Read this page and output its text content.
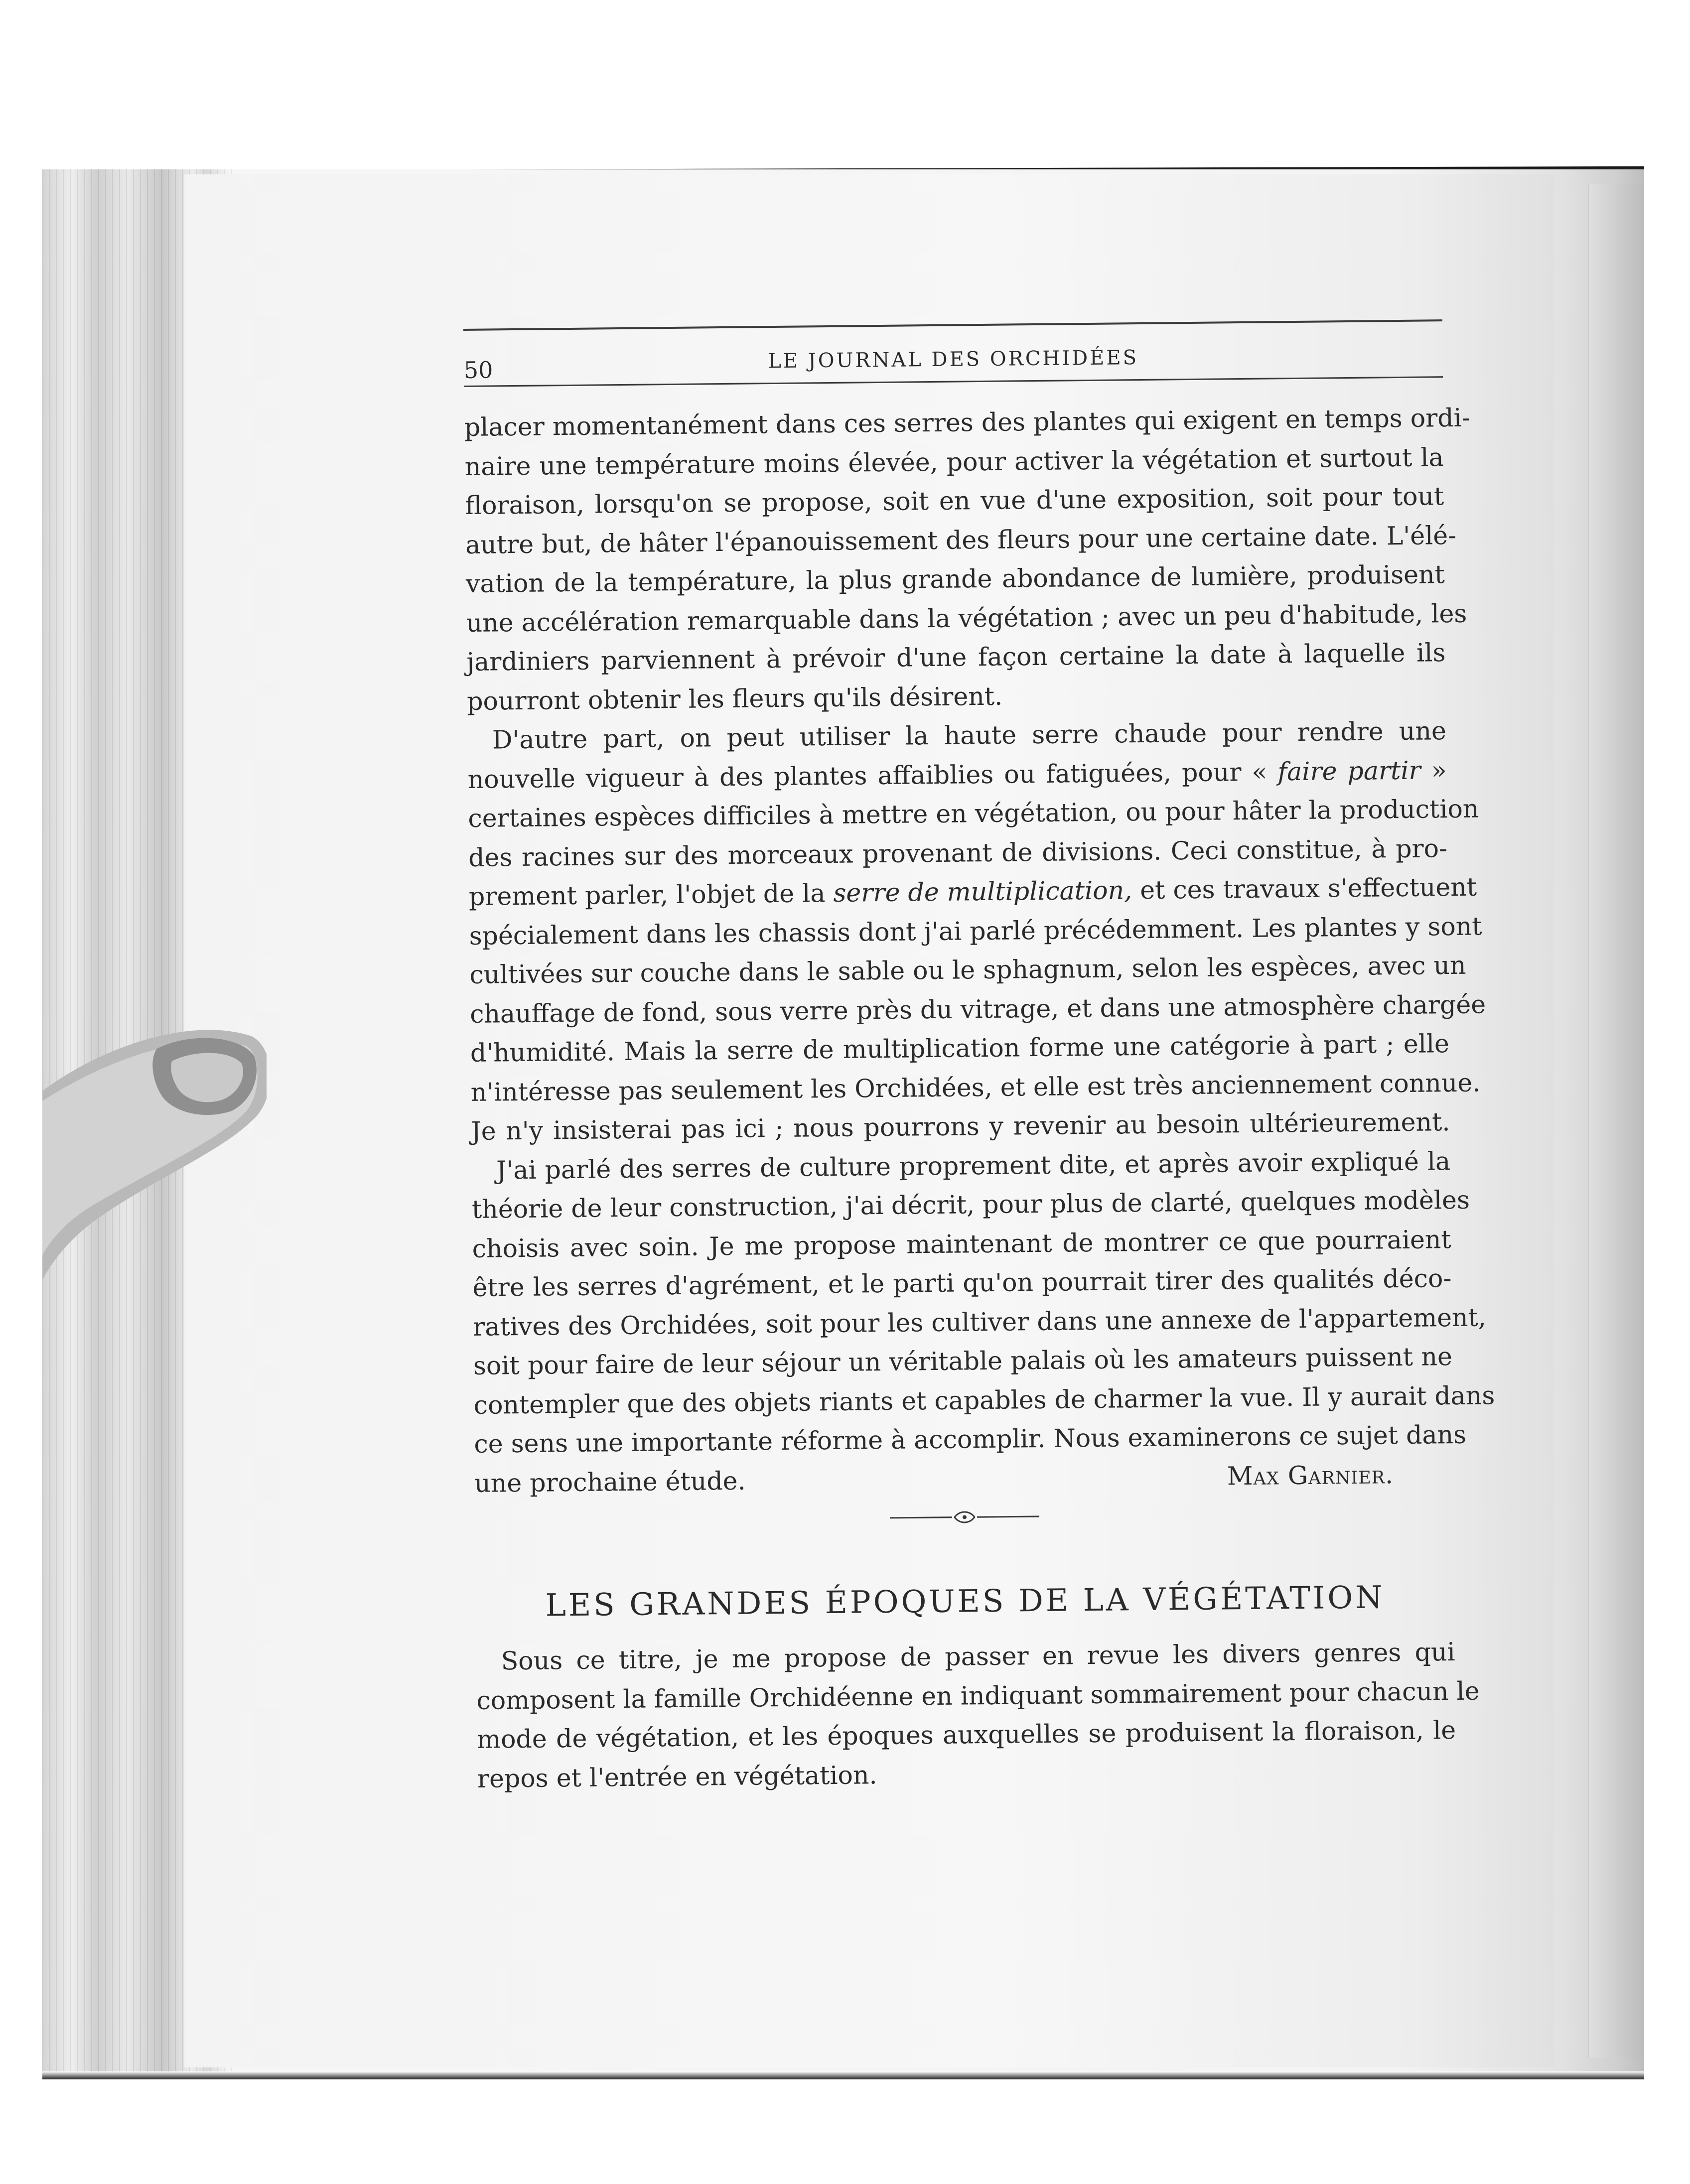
50	LE JOURNAL DES ORCHIDÉES
placer momentanément dans ces serres des plantes qui exigent en temps ordi-
naire une température moins élevée, pour activer la végétation et surtout la
floraison, lorsqu'on se propose, soit en vue d'une exposition, soit pour tout
autre but, de hâter l'épanouissement des fleurs pour une certaine date. L'élé-
vation de la température, la plus grande abondance de lumière, produisent
une accélération remarquable dans la végétation ; avec un peu d'habitude, les
jardiniers parviennent à prévoir d'une façon certaine la date à laquelle ils
pourront obtenir les fleurs qu'ils désirent.
D'autre part, on peut utiliser la haute serre chaude pour rendre une
nouvelle vigueur à des plantes affaiblies ou fatiguées, pour « faire partir »
certaines espèces difficiles à mettre en végétation, ou pour hâter la production
des racines sur des morceaux provenant de divisions. Ceci constitue, à pro-
prement parler, l'objet de la serre de multiplication, et ces travaux s'effectuent
spécialement dans les chassis dont j'ai parlé précédemment. Les plantes y sont
cultivées sur couche dans le sable ou le sphagnum, selon les espèces, avec un
chauffage de fond, sous verre près du vitrage, et dans une atmosphère chargée
d'humidité. Mais la serre de multiplication forme une catégorie à part ; elle
n'intéresse pas seulement les Orchidées, et elle est très anciennement connue.
Je n'y insisterai pas ici ; nous pourrons y revenir au besoin ultérieurement.
J'ai parlé des serres de culture proprement dite, et après avoir expliqué la
théorie de leur construction, j'ai décrit, pour plus de clarté, quelques modèles
choisis avec soin. Je me propose maintenant de montrer ce que pourraient
être les serres d'agrément, et le parti qu'on pourrait tirer des qualités déco-
ratives des Orchidées, soit pour les cultiver dans une annexe de l'appartement,
soit pour faire de leur séjour un véritable palais où les amateurs puissent ne
contempler que des objets riants et capables de charmer la vue. Il y aurait dans
ce sens une importante réforme à accomplir. Nous examinerons ce sujet dans
une prochaine étude.	Max Garnier.
LES GRANDES ÉPOQUES DE LA VÉGÉTATION
Sous ce titre, je me propose de passer en revue les divers genres qui
composent la famille Orchidéenne en indiquant sommairement pour chacun le
mode de végétation, et les époques auxquelles se produisent la floraison, le
repos et l'entrée en végétation.
